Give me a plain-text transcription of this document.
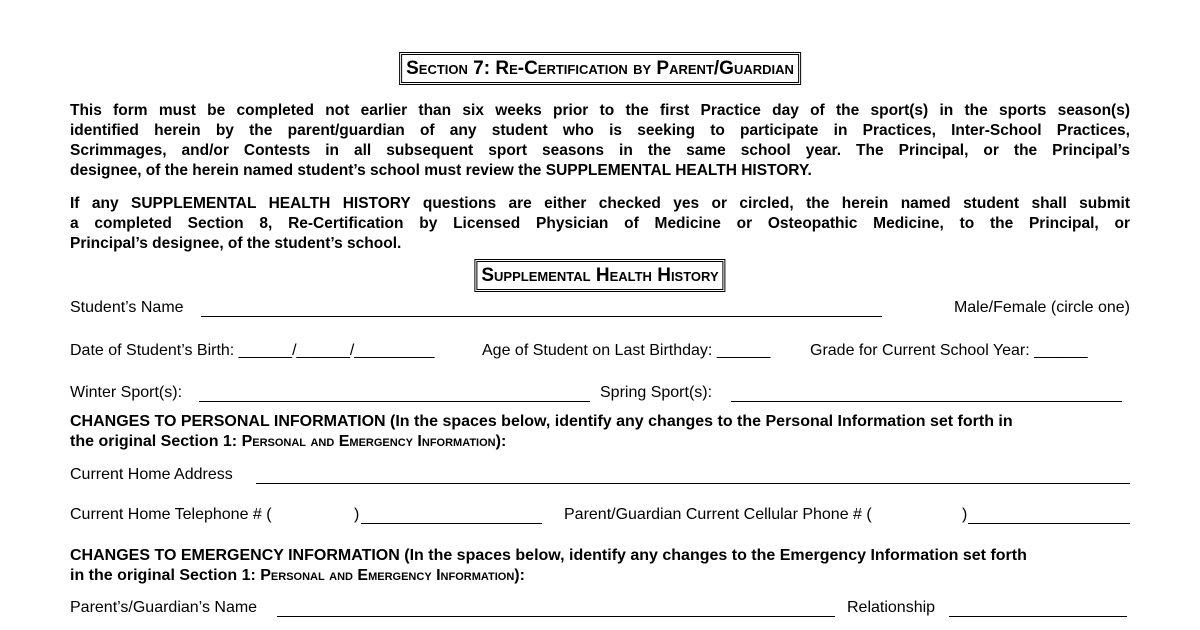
Section 7: Re-Certification by Parent/Guardian
This form must be completed not earlier than six weeks prior to the first Practice day of the sport(s) in the sports season(s)
identified herein by the parent/guardian of any student who is seeking to participate in Practices, Inter-School Practices,
Scrimmages, and/or Contests in all subsequent sport seasons in the same school year. The Principal, or the Principal’s
designee, of the herein named student’s school must review the SUPPLEMENTAL HEALTH HISTORY.
If any SUPPLEMENTAL HEALTH HISTORY questions are either checked yes or circled, the herein named student shall submit
a completed Section 8, Re-Certification by Licensed Physician of Medicine or Osteopathic Medicine, to the Principal, or
Principal’s designee, of the student’s school.
Supplemental Health History
Student’s Name	Male/Female (circle one)
Date of Student’s Birth: ______/______/_________	Age of Student on Last Birthday: ______ Grade for Current School Year: ______
Winter Sport(s):	Spring Sport(s):
CHANGES TO PERSONAL INFORMATION (In the spaces below, identify any changes to the Personal Information set forth in
the original Section 1: Personal and Emergency Information):
Current Home Address
Current Home Telephone # (	)	Parent/Guardian Current Cellular Phone # (	)
CHANGES TO EMERGENCY INFORMATION (In the spaces below, identify any changes to the Emergency Information set forth
in the original Section 1: Personal and Emergency Information):
Parent’s/Guardian’s Name	Relationship
